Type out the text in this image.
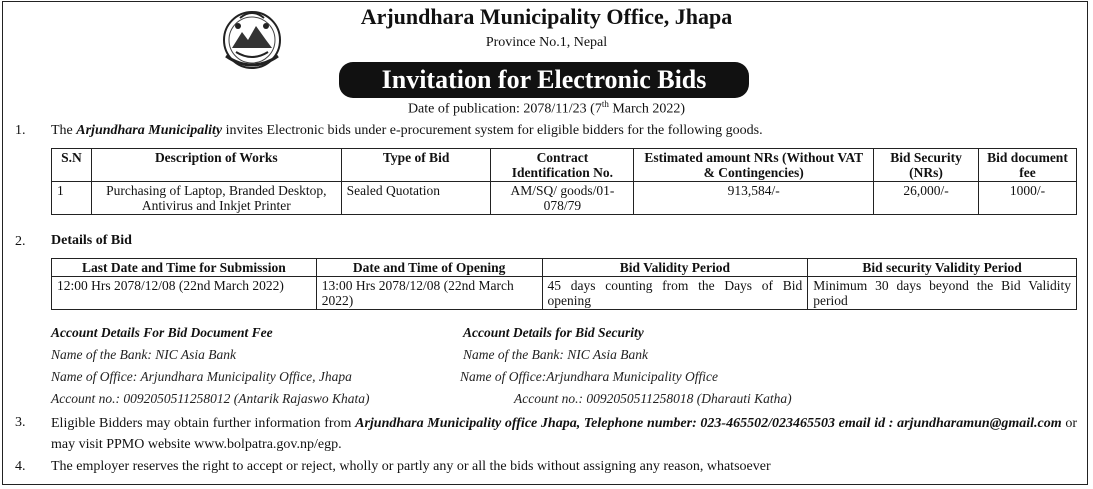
Arjundhara Municipality Office, Jhapa
Province No.1, Nepal
Invitation for Electronic Bids
Date of publication: 2078/11/23 (7th March 2022)
1. The Arjundhara Municipality invites Electronic bids under e-procurement system for eligible bidders for the following goods.
S.N	Description of Works	Type of Bid	Contract Identification No.	Estimated amount NRs (Without VAT & Contingencies)	Bid Security (NRs)	Bid document fee
1	Purchasing of Laptop, Branded Desktop, Antivirus and Inkjet Printer	Sealed Quotation	AM/SQ/ goods/01-078/79	913,584/-	26,000/-	1000/-
2. Details of Bid
Last Date and Time for Submission	Date and Time of Opening	Bid Validity Period	Bid security Validity Period
12:00 Hrs 2078/12/08 (22nd March 2022)	13:00 Hrs 2078/12/08 (22nd March 2022)	45 days counting from the Days of Bid opening	Minimum 30 days beyond the Bid Validity period
Account Details For Bid Document Fee
Name of the Bank: NIC Asia Bank
Name of Office: Arjundhara Municipality Office, Jhapa
Account no.: 0092050511258012 (Antarik Rajaswo Khata)
Account Details for Bid Security
Name of the Bank: NIC Asia Bank
Name of Office:Arjundhara Municipality Office
Account no.: 0092050511258018 (Dharauti Katha)
3. Eligible Bidders may obtain further information from Arjundhara Municipality office Jhapa, Telephone number: 023-465502/023465503 email id : arjundharamun@gmail.com or may visit PPMO website www.bolpatra.gov.np/egp.
4. The employer reserves the right to accept or reject, wholly or partly any or all the bids without assigning any reason, whatsoever
